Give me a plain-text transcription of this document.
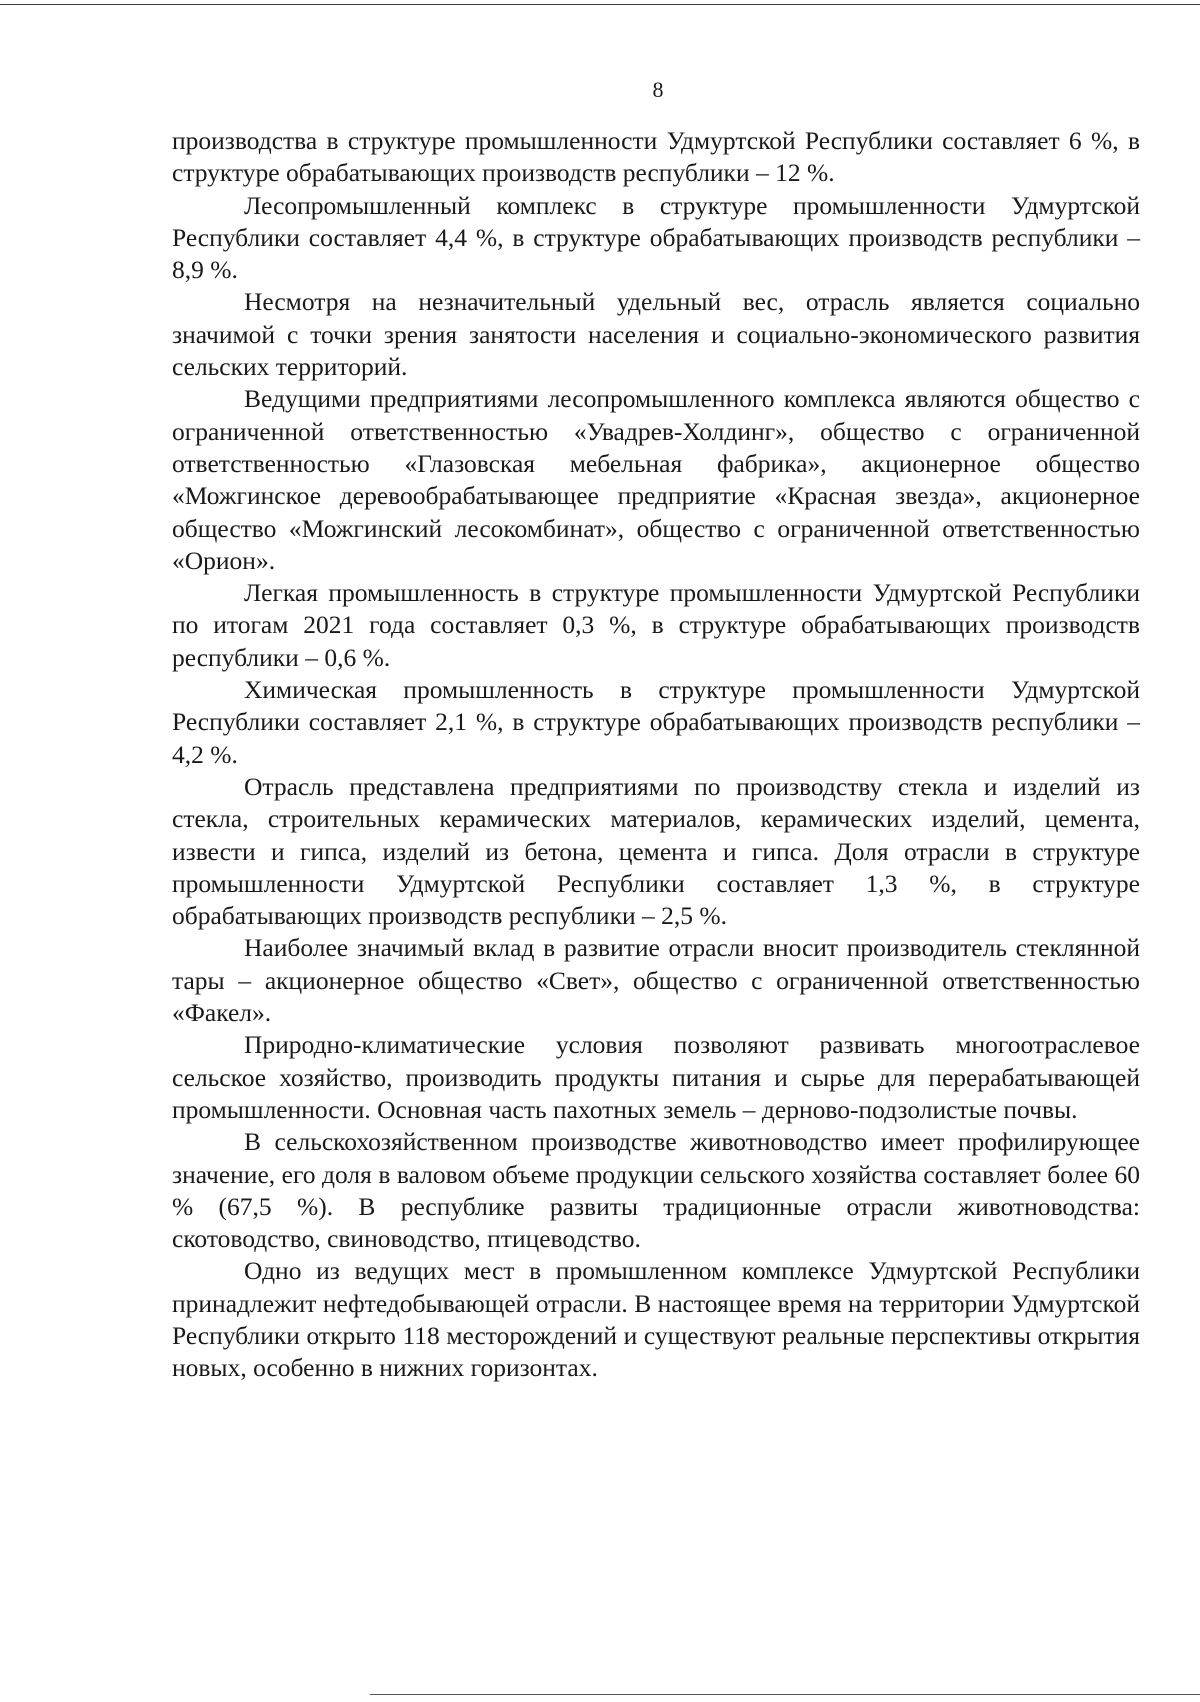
8

производства в структуре промышленности Удмуртской Республики составляет 6 %, в структуре обрабатывающих производств республики – 12 %.

Лесопромышленный комплекс в структуре промышленности Удмуртской Республики составляет 4,4 %, в структуре обрабатывающих производств республики – 8,9 %.

Несмотря на незначительный удельный вес, отрасль является социально значимой с точки зрения занятости населения и социально-экономического развития сельских территорий.

Ведущими предприятиями лесопромышленного комплекса являются общество с ограниченной ответственностью «Увадрев-Холдинг», общество с ограниченной ответственностью «Глазовская мебельная фабрика», акционерное общество «Можгинское деревообрабатывающее предприятие «Красная звезда», акционерное общество «Можгинский лесокомбинат», общество с ограниченной ответственностью «Орион».

Легкая промышленность в структуре промышленности Удмуртской Республики по итогам 2021 года составляет 0,3 %, в структуре обрабатывающих производств республики – 0,6 %.

Химическая промышленность в структуре промышленности Удмуртской Республики составляет 2,1 %, в структуре обрабатывающих производств республики – 4,2 %.

Отрасль представлена предприятиями по производству стекла и изделий из стекла, строительных керамических материалов, керамических изделий, цемента, извести и гипса, изделий из бетона, цемента и гипса. Доля отрасли в структуре промышленности Удмуртской Республики составляет 1,3 %, в структуре обрабатывающих производств республики – 2,5 %.

Наиболее значимый вклад в развитие отрасли вносит производитель стеклянной тары – акционерное общество «Свет», общество с ограниченной ответственностью «Факел».

Природно-климатические условия позволяют развивать многоотраслевое сельское хозяйство, производить продукты питания и сырье для перерабатывающей промышленности. Основная часть пахотных земель – дерново-подзолистые почвы.

В сельскохозяйственном производстве животноводство имеет профилирующее значение, его доля в валовом объеме продукции сельского хозяйства составляет более 60 % (67,5 %). В республике развиты традиционные отрасли животноводства: скотоводство, свиноводство, птицеводство.

Одно из ведущих мест в промышленном комплексе Удмуртской Республики принадлежит нефтедобывающей отрасли. В настоящее время на территории Удмуртской Республики открыто 118 месторождений и существуют реальные перспективы открытия новых, особенно в нижних горизонтах.
